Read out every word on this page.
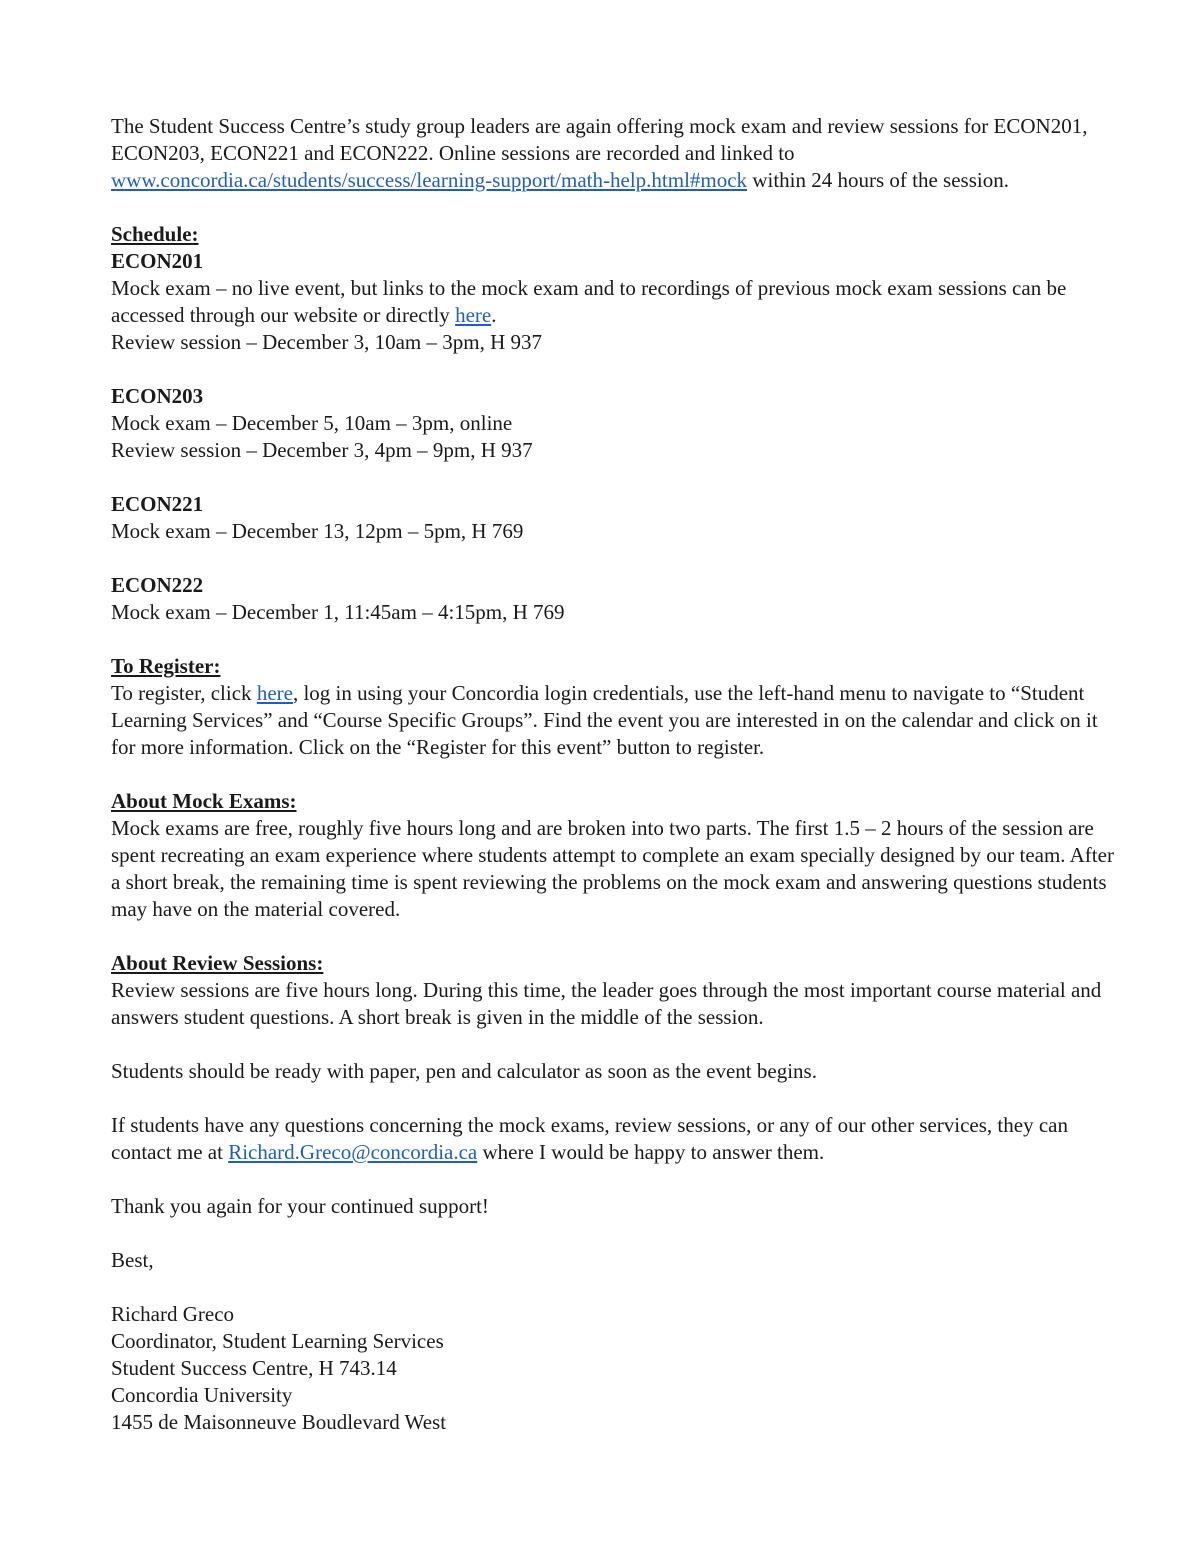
The Student Success Centre’s study group leaders are again offering mock exam and review sessions for ECON201, ECON203, ECON221 and ECON222. Online sessions are recorded and linked to www.concordia.ca/students/success/learning-support/math-help.html#mock within 24 hours of the session.

Schedule:

ECON201

Mock exam – no live event, but links to the mock exam and to recordings of previous mock exam sessions can be accessed through our website or directly here.

Review session – December 3, 10am – 3pm, H 937

ECON203

Mock exam – December 5, 10am – 3pm, online

Review session – December 3, 4pm – 9pm, H 937

ECON221

Mock exam – December 13, 12pm – 5pm, H 769

ECON222

Mock exam – December 1, 11:45am – 4:15pm, H 769

To Register:

To register, click here, log in using your Concordia login credentials, use the left-hand menu to navigate to “Student Learning Services” and “Course Specific Groups”. Find the event you are interested in on the calendar and click on it for more information. Click on the “Register for this event” button to register.

About Mock Exams:

Mock exams are free, roughly five hours long and are broken into two parts. The first 1.5 – 2 hours of the session are spent recreating an exam experience where students attempt to complete an exam specially designed by our team. After a short break, the remaining time is spent reviewing the problems on the mock exam and answering questions students may have on the material covered.

About Review Sessions:

Review sessions are five hours long. During this time, the leader goes through the most important course material and answers student questions. A short break is given in the middle of the session.

Students should be ready with paper, pen and calculator as soon as the event begins.

If students have any questions concerning the mock exams, review sessions, or any of our other services, they can contact me at Richard.Greco@concordia.ca where I would be happy to answer them.

Thank you again for your continued support!

Best,

Richard Greco

Coordinator, Student Learning Services

Student Success Centre, H 743.14

Concordia University

1455 de Maisonneuve Boudlevard West
